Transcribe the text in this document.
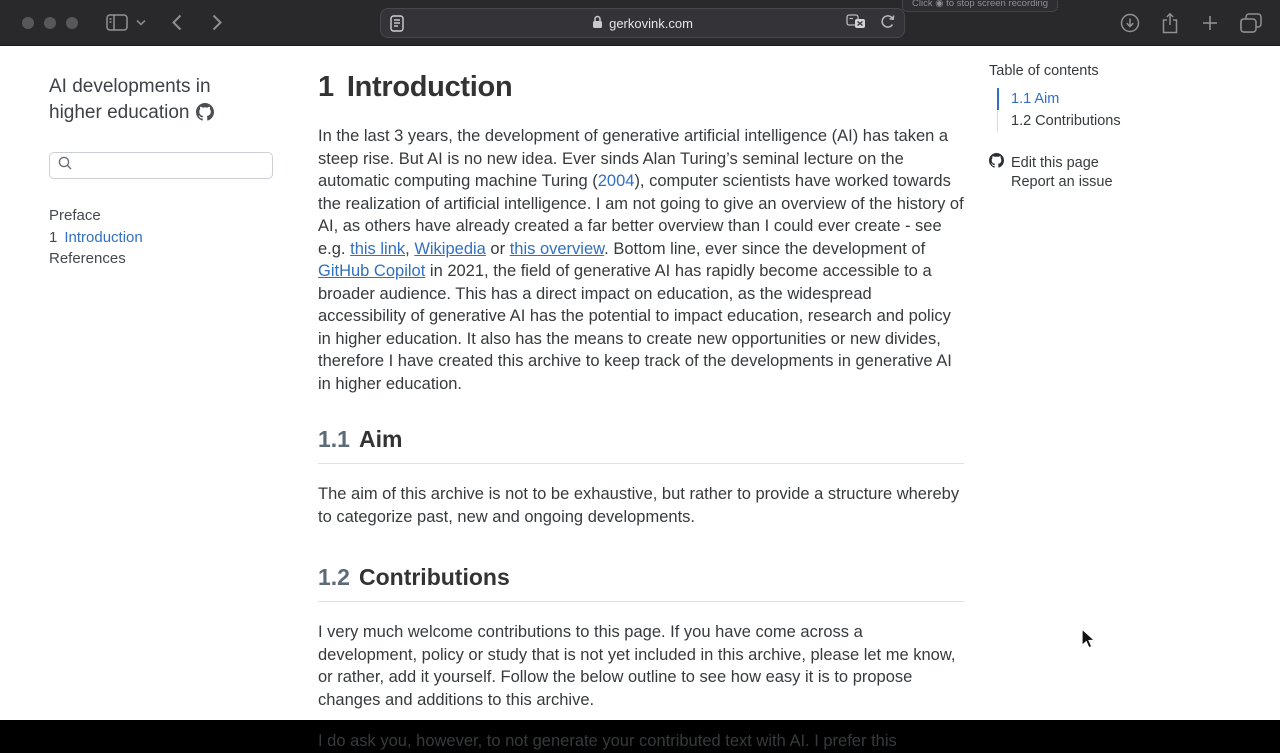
gerkovink.com
Click ◉ to stop screen recording
AI developments in
higher education
Preface
1 Introduction
References
1 Introduction

In the last 3 years, the development of generative artificial intelligence (AI) has taken a steep rise. But AI is no new idea. Ever sinds Alan Turing’s seminal lecture on the automatic computing machine Turing (2004), computer scientists have worked towards the realization of artificial intelligence. I am not going to give an overview of the history of AI, as others have already created a far better overview than I could ever create - see e.g. this link, Wikipedia or this overview. Bottom line, ever since the development of GitHub Copilot in 2021, the field of generative AI has rapidly become accessible to a broader audience. This has a direct impact on education, as the widespread accessibility of generative AI has the potential to impact education, research and policy in higher education. It also has the means to create new opportunities or new divides, therefore I have created this archive to keep track of the developments in generative AI in higher education.

1.1 Aim

The aim of this archive is not to be exhaustive, but rather to provide a structure whereby to categorize past, new and ongoing developments.

1.2 Contributions

I very much welcome contributions to this page. If you have come across a development, policy or study that is not yet included in this archive, please let me know, or rather, add it yourself. Follow the below outline to see how easy it is to propose changes and additions to this archive.

I do ask you, however, to not generate your contributed text with AI. I prefer this

Table of contents
1.1 Aim
1.2 Contributions
Edit this page
Report an issue
